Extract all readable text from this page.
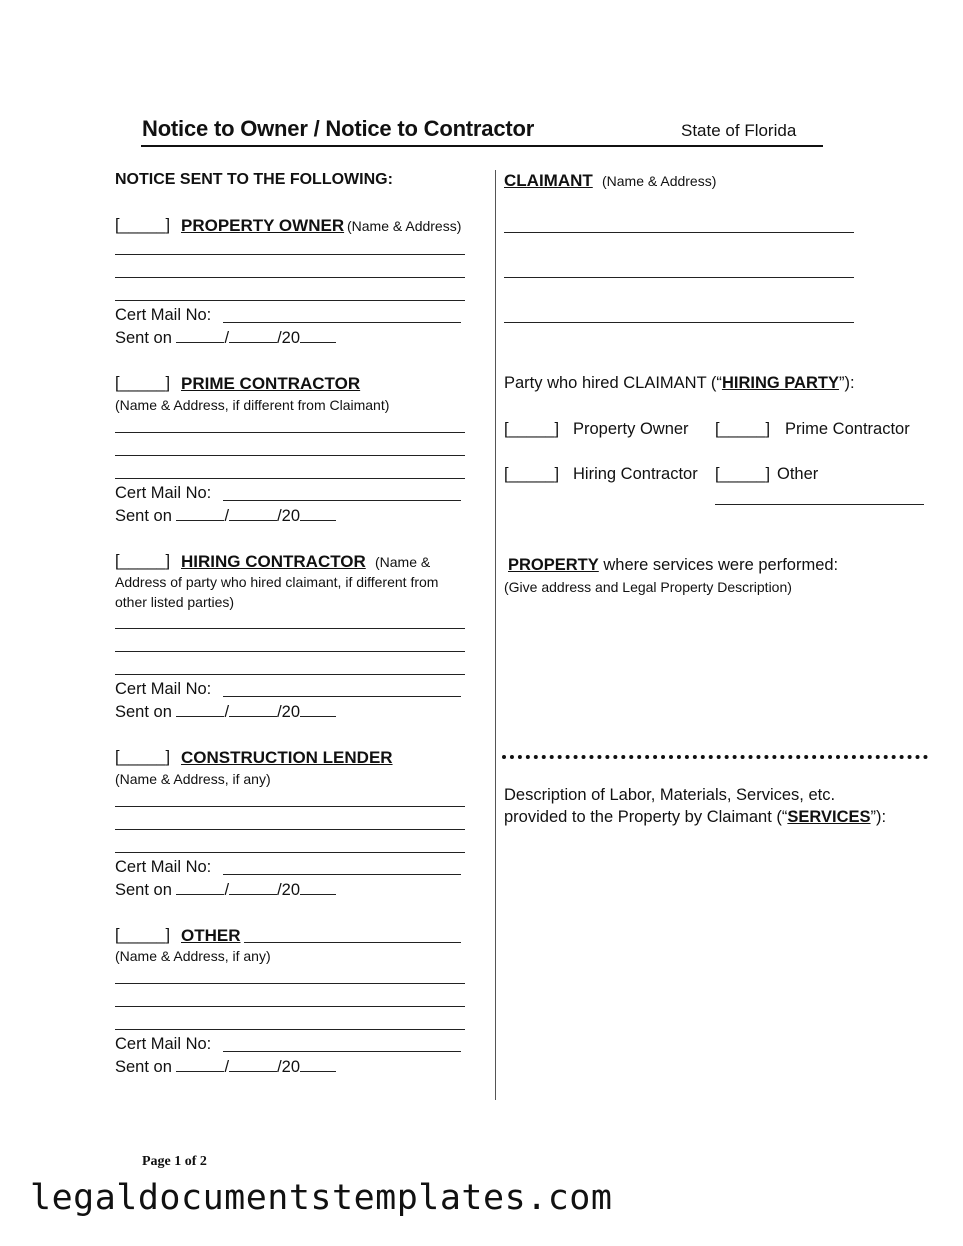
Notice to Owner / Notice to Contractor	State of Florida
NOTICE SENT TO THE FOLLOWING:
[_____] PROPERTY OWNER (Name & Address)
Cert Mail No:
Sent on	/	/20
[_____] PRIME CONTRACTOR
(Name & Address, if different from Claimant)
Cert Mail No:
Sent on	/	/20
[_____] HIRING CONTRACTOR (Name &
Address of party who hired claimant, if different from
other listed parties)
Cert Mail No:
Sent on	/	/20
[_____] CONSTRUCTION LENDER
(Name & Address, if any)
Cert Mail No:
Sent on	/	/20
[_____] OTHER
(Name & Address, if any)
Cert Mail No:
Sent on	/	/20
CLAIMANT (Name & Address)
Party who hired CLAIMANT (“HIRING PARTY”):
[_____] Property Owner [_____] Prime Contractor
[_____] Hiring Contractor [_____] Other
PROPERTY where services were performed:
(Give address and Legal Property Description)
Description of Labor, Materials, Services, etc.
provided to the Property by Claimant (“SERVICES”):
Page 1 of 2
legaldocumentstemplates.com
